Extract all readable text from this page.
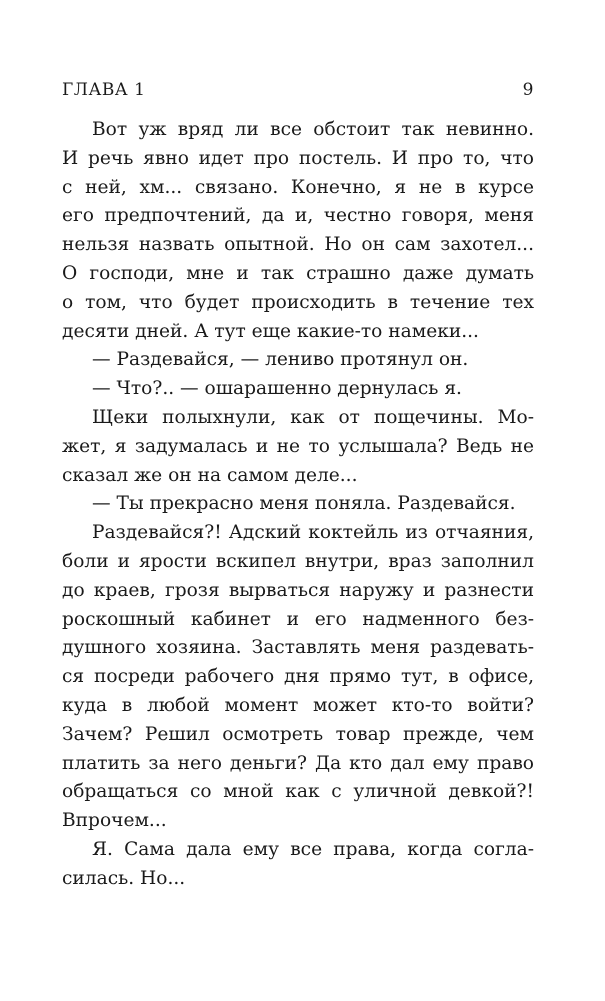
ГЛАВА 1	9
Вот уж вряд ли все обстоит так невинно.
И речь явно идет про постель. И про то, что
с ней, хм... связано. Конечно, я не в курсе
его предпочтений, да и, честно говоря, меня
нельзя назвать опытной. Но он сам захотел...
О господи, мне и так страшно даже думать
о том, что будет происходить в течение тех
десяти дней. А тут еще какие-то намеки...
— Раздевайся, — лениво протянул он.
— Что?.. — ошарашенно дернулась я.
Щеки полыхнули, как от пощечины. Мо-
жет, я задумалась и не то услышала? Ведь не
сказал же он на самом деле...
— Ты прекрасно меня поняла. Раздевайся.
Раздевайся?! Адский коктейль из отчаяния,
боли и ярости вскипел внутри, враз заполнил
до краев, грозя вырваться наружу и разнести
роскошный кабинет и его надменного без-
душного хозяина. Заставлять меня раздевать-
ся посреди рабочего дня прямо тут, в офисе,
куда в любой момент может кто-то войти?
Зачем? Решил осмотреть товар прежде, чем
платить за него деньги? Да кто дал ему право
обращаться со мной как с уличной девкой?!
Впрочем...
Я. Сама дала ему все права, когда согла-
силась. Но...
